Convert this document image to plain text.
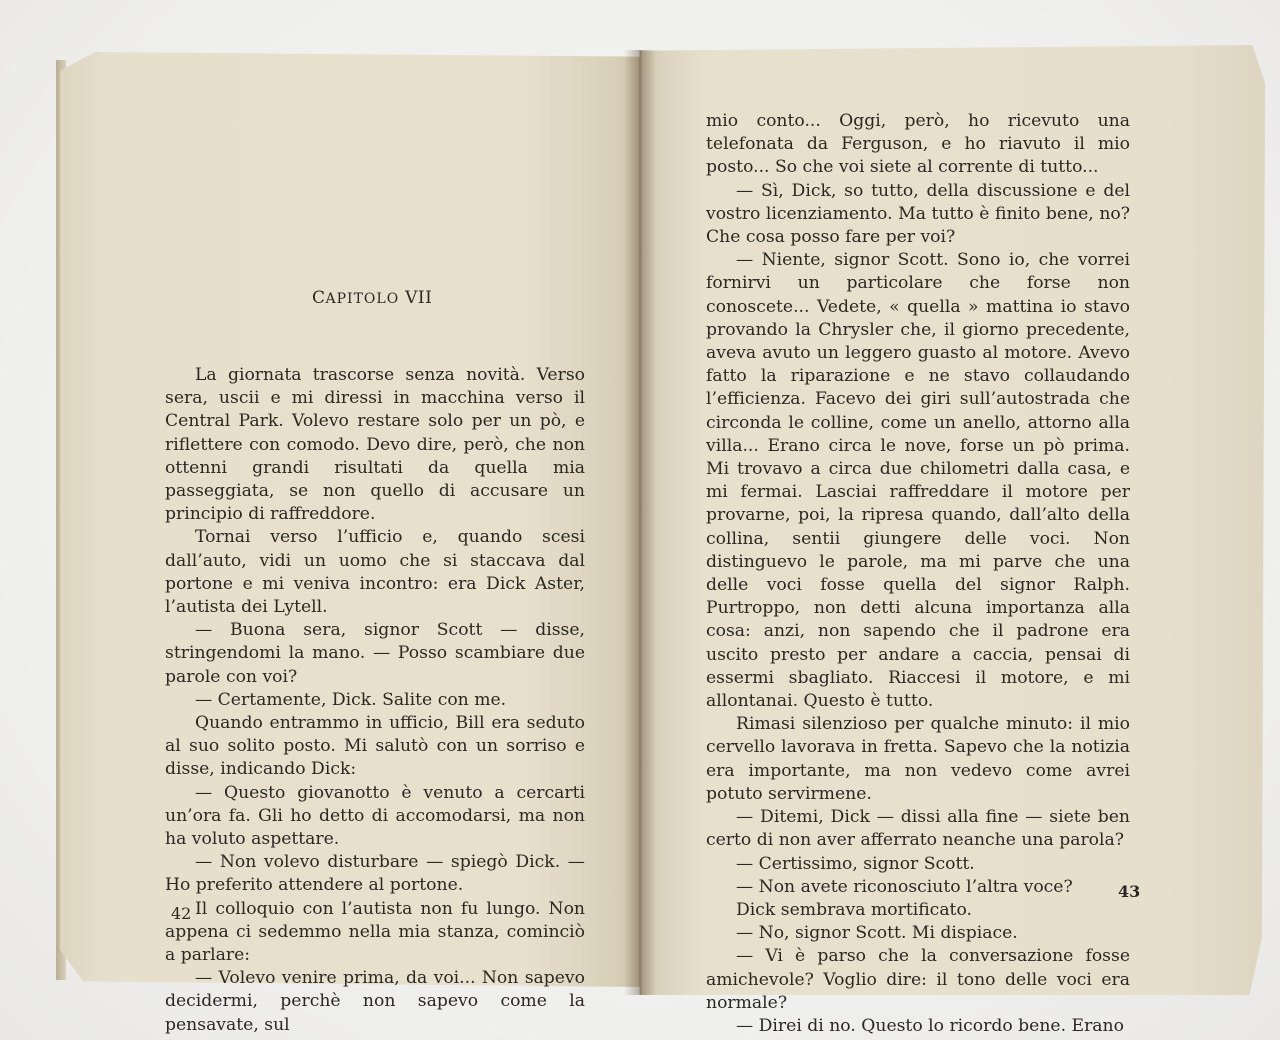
CAPITOLO VII

La giornata trascorse senza novità. Verso sera, uscii e mi diressi in macchina verso il Central Park. Volevo restare solo per un pò, e riflettere con comodo. Devo dire, però, che non ottenni grandi risultati da quella mia passeggiata, se non quello di accusare un principio di raffreddore.

Tornai verso l’ufficio e, quando scesi dall’auto, vidi un uomo che si staccava dal portone e mi veniva incontro: era Dick Aster, l’autista dei Lytell.

— Buona sera, signor Scott — disse, stringendomi la mano. — Posso scambiare due parole con voi?

— Certamente, Dick. Salite con me.

Quando entrammo in ufficio, Bill era seduto al suo solito posto. Mi salutò con un sorriso e disse, indicando Dick:

— Questo giovanotto è venuto a cercarti un’ora fa. Gli ho detto di accomodarsi, ma non ha voluto aspettare.

— Non volevo disturbare — spiegò Dick. — Ho preferito attendere al portone.

Il colloquio con l’autista non fu lungo. Non appena ci sedemmo nella mia stanza, cominciò a parlare:

— Volevo venire prima, da voi... Non sapevo decidermi, perchè non sapevo come la pensavate, sul

mio conto... Oggi, però, ho ricevuto una telefonata da Ferguson, e ho riavuto il mio posto... So che voi siete al corrente di tutto...

— Sì, Dick, so tutto, della discussione e del vostro licenziamento. Ma tutto è finito bene, no? Che cosa posso fare per voi?

— Niente, signor Scott. Sono io, che vorrei fornirvi un particolare che forse non conoscete... Vedete, « quella » mattina io stavo provando la Chrysler che, il giorno precedente, aveva avuto un leggero guasto al motore. Avevo fatto la riparazione e ne stavo collaudando l’efficienza. Facevo dei giri sull’autostrada che circonda le colline, come un anello, attorno alla villa... Erano circa le nove, forse un pò prima. Mi trovavo a circa due chilometri dalla casa, e mi fermai. Lasciai raffreddare il motore per provarne, poi, la ripresa quando, dall’alto della collina, sentii giungere delle voci. Non distinguevo le parole, ma mi parve che una delle voci fosse quella del signor Ralph. Purtroppo, non detti alcuna importanza alla cosa: anzi, non sapendo che il padrone era uscito presto per andare a caccia, pensai di essermi sbagliato. Riaccesi il motore, e mi allontanai. Questo è tutto.

Rimasi silenzioso per qualche minuto: il mio cervello lavorava in fretta. Sapevo che la notizia era importante, ma non vedevo come avrei potuto servirmene.

— Ditemi, Dick — dissi alla fine — siete ben certo di non aver afferrato neanche una parola?

— Certissimo, signor Scott.

— Non avete riconosciuto l’altra voce?

Dick sembrava mortificato.

— No, signor Scott. Mi dispiace.

— Vi è parso che la conversazione fosse amichevole? Voglio dire: il tono delle voci era normale?

— Direi di no. Questo lo ricordo bene. Erano

42
43
